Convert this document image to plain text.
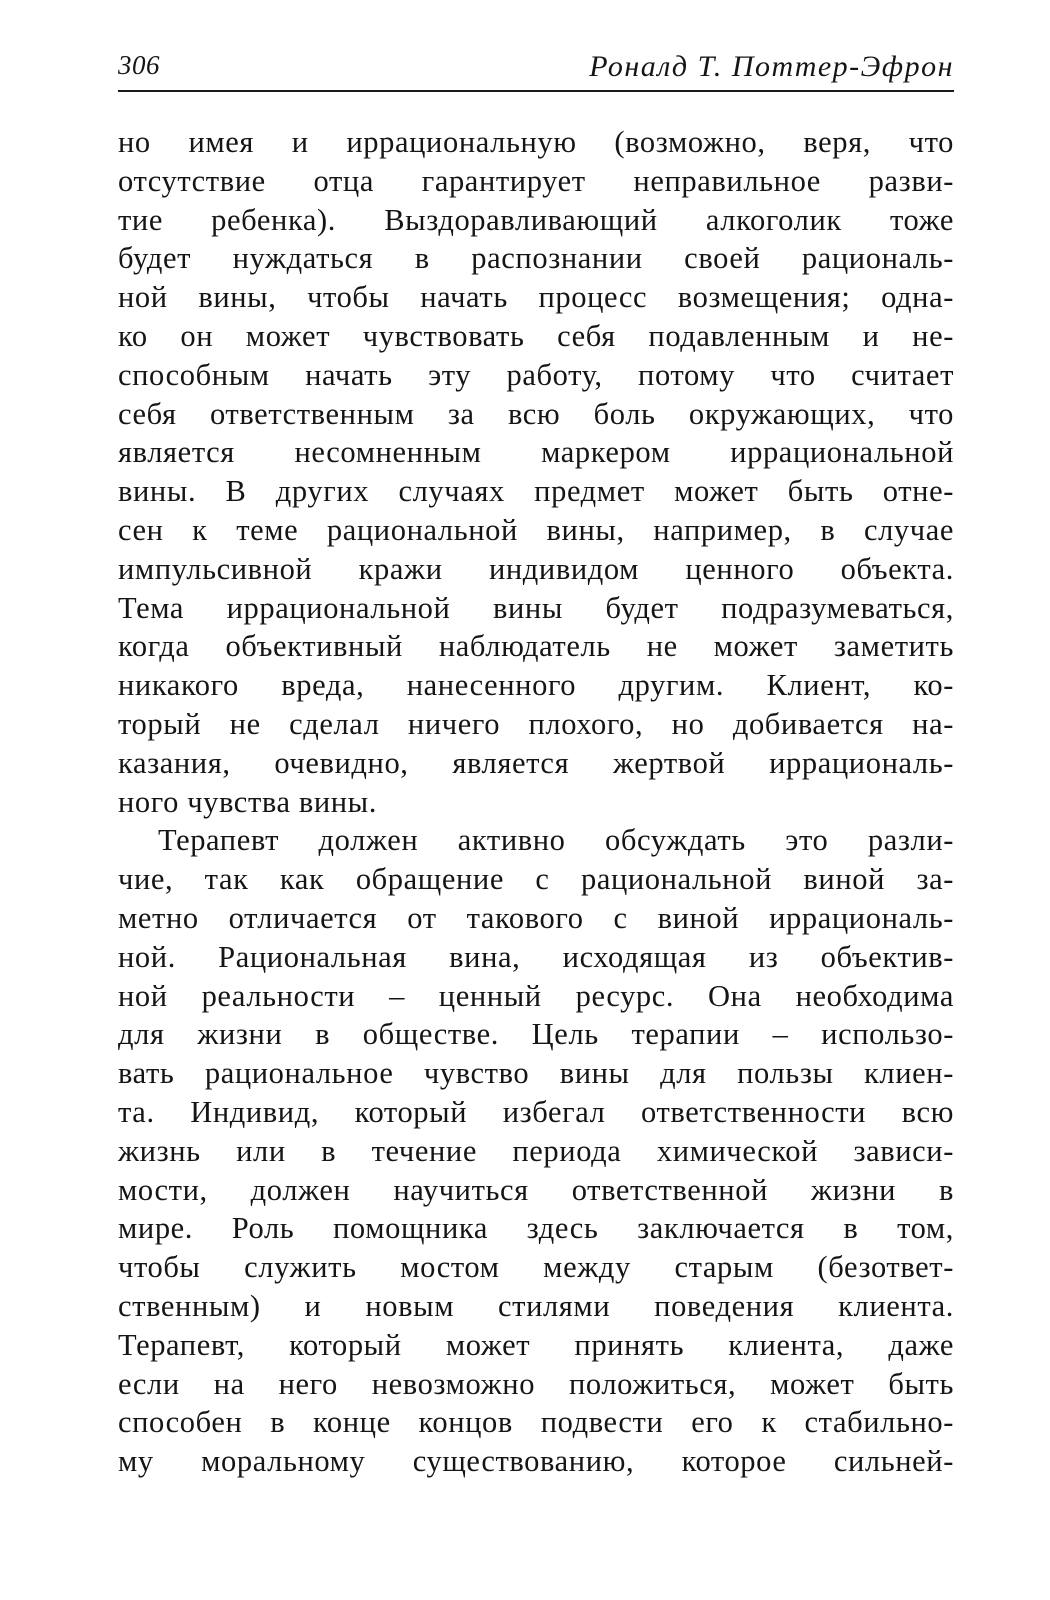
306	Роналд Т. Поттер-Эфрон
но имея и иррациональную (возможно, веря, что
отсутствие отца гарантирует неправильное разви-
тие ребенка). Выздоравливающий алкоголик тоже
будет нуждаться в распознании своей рациональ-
ной вины, чтобы начать процесс возмещения; одна-
ко он может чувствовать себя подавленным и не-
способным начать эту работу, потому что считает
себя ответственным за всю боль окружающих, что
является несомненным маркером иррациональной
вины. В других случаях предмет может быть отне-
сен к теме рациональной вины, например, в случае
импульсивной кражи индивидом ценного объекта.
Тема иррациональной вины будет подразумеваться,
когда объективный наблюдатель не может заметить
никакого вреда, нанесенного другим. Клиент, ко-
торый не сделал ничего плохого, но добивается на-
казания, очевидно, является жертвой иррациональ-
ного чувства вины.
Терапевт должен активно обсуждать это разли-
чие, так как обращение с рациональной виной за-
метно отличается от такового с виной иррациональ-
ной. Рациональная вина, исходящая из объектив-
ной реальности – ценный ресурс. Она необходима
для жизни в обществе. Цель терапии – использо-
вать рациональное чувство вины для пользы клиен-
та. Индивид, который избегал ответственности всю
жизнь или в течение периода химической зависи-
мости, должен научиться ответственной жизни в
мире. Роль помощника здесь заключается в том,
чтобы служить мостом между старым (безответ-
ственным) и новым стилями поведения клиента.
Терапевт, который может принять клиента, даже
если на него невозможно положиться, может быть
способен в конце концов подвести его к стабильно-
му моральному существованию, которое сильней-
